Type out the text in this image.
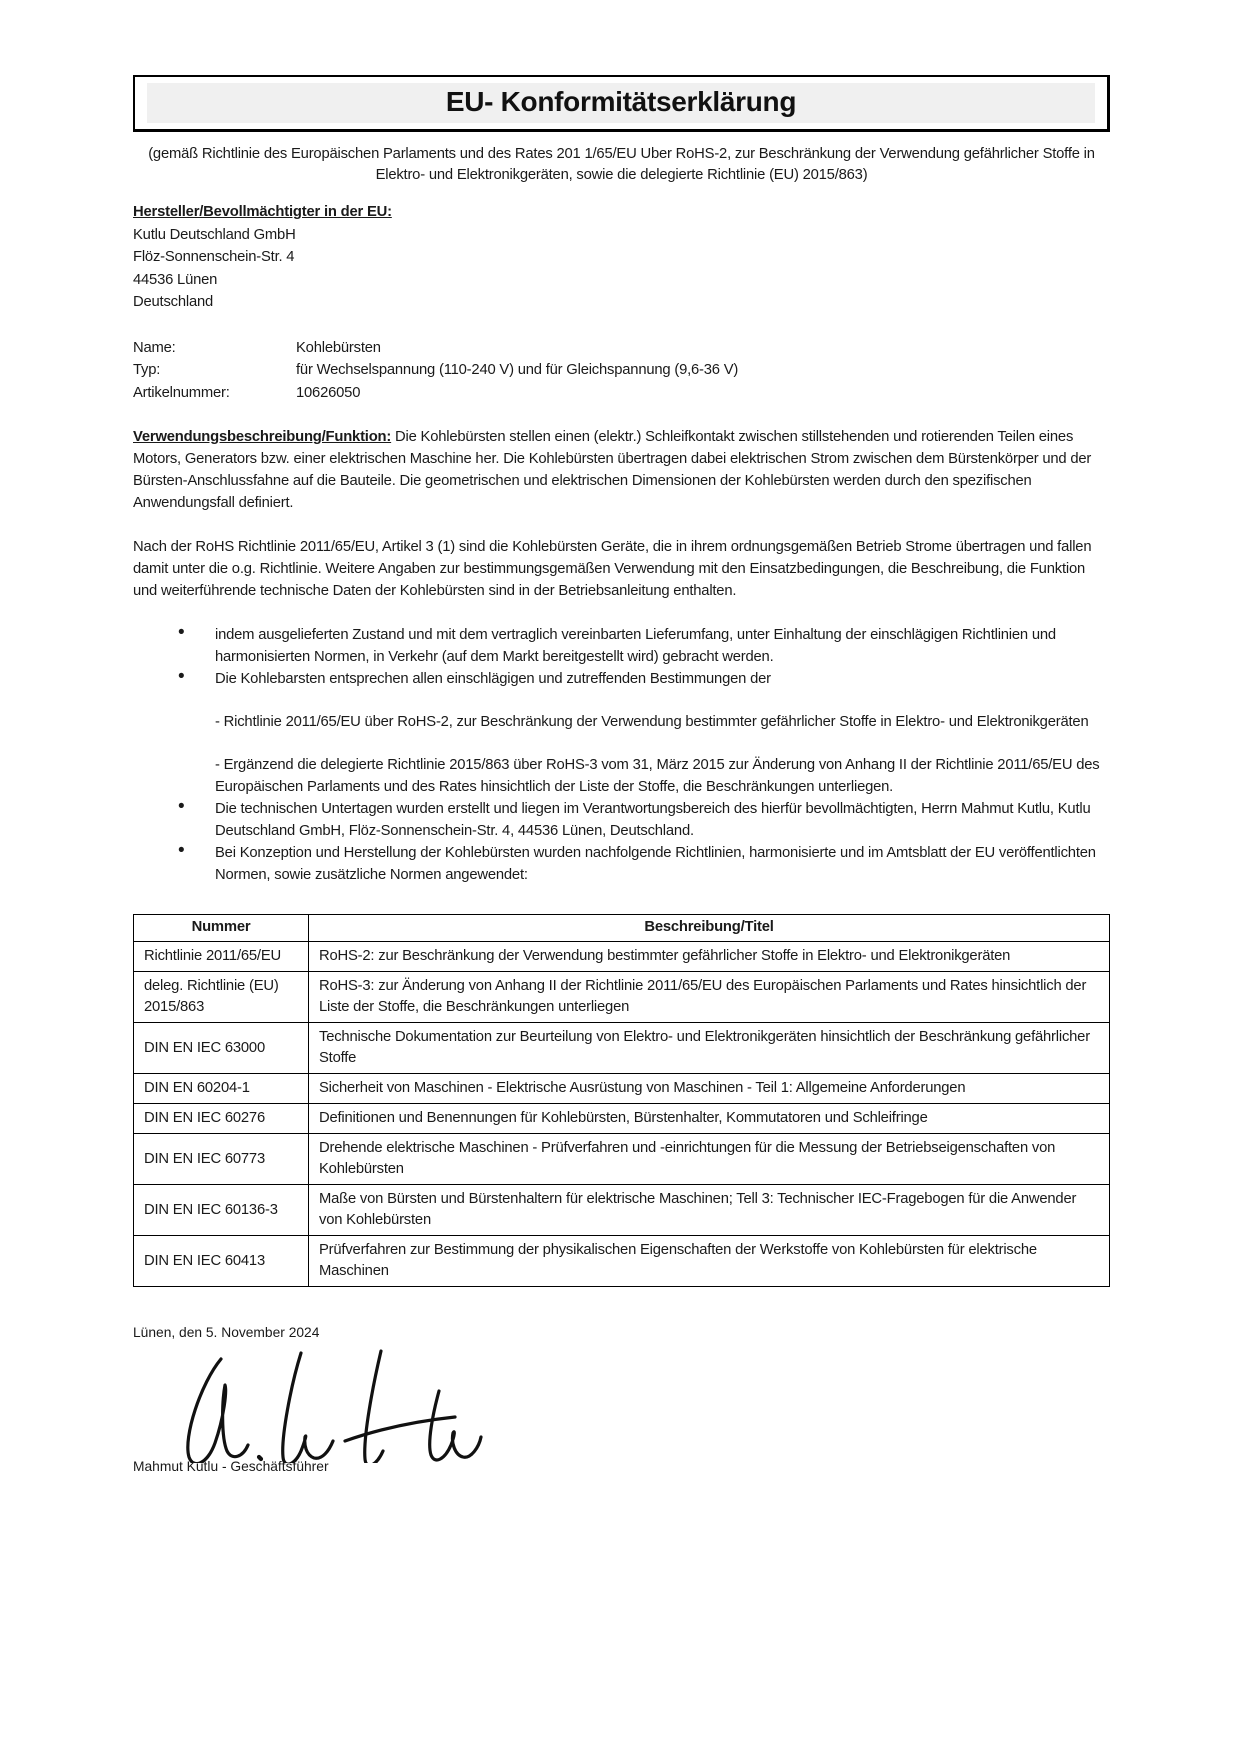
EU- Konformitätserklärung

(gemäß Richtlinie des Europäischen Parlaments und des Rates 201 1/65/EU Uber RoHS-2, zur Beschränkung der Verwendung gefährlicher Stoffe in Elektro- und Elektronikgeräten, sowie die delegierte Richtlinie (EU) 2015/863)

Hersteller/Bevollmächtigter in der EU:
Kutlu Deutschland GmbH
Flöz-Sonnenschein-Str. 4
44536 Lünen
Deutschland
Name:	Kohlebürsten
Typ:	für Wechselspannung (110-240 V) und für Gleichspannung (9,6-36 V)
Artikelnummer:	10626050

Verwendungsbeschreibung/Funktion: Die Kohlebürsten stellen einen (elektr.) Schleifkontakt zwischen stillstehenden und rotierenden Teilen eines Motors, Generators bzw. einer elektrischen Maschine her. Die Kohlebürsten übertragen dabei elektrischen Strom zwischen dem Bürstenkörper und der Bürsten-Anschlussfahne auf die Bauteile. Die geometrischen und elektrischen Dimensionen der Kohlebürsten werden durch den spezifischen Anwendungsfall definiert.

Nach der RoHS Richtlinie 2011/65/EU, Artikel 3 (1) sind die Kohlebürsten Geräte, die in ihrem ordnungsgemäßen Betrieb Strome übertragen und fallen damit unter die o.g. Richtlinie. Weitere Angaben zur bestimmungsgemäßen Verwendung mit den Einsatzbedingungen, die Beschreibung, die Funktion und weiterführende technische Daten der Kohlebürsten sind in der Betriebsanleitung enthalten.

• indem ausgelieferten Zustand und mit dem vertraglich vereinbarten Lieferumfang, unter Einhaltung der einschlägigen Richtlinien und harmonisierten Normen, in Verkehr (auf dem Markt bereitgestellt wird) gebracht werden.
• Die Kohlebarsten entsprechen allen einschlägigen und zutreffenden Bestimmungen der
- Richtlinie 2011/65/EU über RoHS-2, zur Beschränkung der Verwendung bestimmter gefährlicher Stoffe in Elektro- und Elektronikgeräten
- Ergänzend die delegierte Richtlinie 2015/863 über RoHS-3 vom 31, März 2015 zur Änderung von Anhang II der Richtlinie 2011/65/EU des Europäischen Parlaments und des Rates hinsichtlich der Liste der Stoffe, die Beschränkungen unterliegen.
• Die technischen Untertagen wurden erstellt und liegen im Verantwortungsbereich des hierfür bevollmächtigten, Herrn Mahmut Kutlu, Kutlu Deutschland GmbH, Flöz-Sonnenschein-Str. 4, 44536 Lünen, Deutschland.
• Bei Konzeption und Herstellung der Kohlebürsten wurden nachfolgende Richtlinien, harmonisierte und im Amtsblatt der EU veröffentlichten Normen, sowie zusätzliche Normen angewendet:
Nummer	Beschreibung/Titel
Richtlinie 2011/65/EU	RoHS-2: zur Beschränkung der Verwendung bestimmter gefährlicher Stoffe in Elektro- und Elektronikgeräten
deleg. Richtlinie (EU) 2015/863	RoHS-3: zur Änderung von Anhang II der Richtlinie 2011/65/EU des Europäischen Parlaments und Rates hinsichtlich der Liste der Stoffe, die Beschränkungen unterliegen
DIN EN IEC 63000	Technische Dokumentation zur Beurteilung von Elektro- und Elektronikgeräten hinsichtlich der Beschränkung gefährlicher Stoffe
DIN EN 60204-1	Sicherheit von Maschinen - Elektrische Ausrüstung von Maschinen - Teil 1: Allgemeine Anforderungen
DIN EN IEC 60276	Definitionen und Benennungen für Kohlebürsten, Bürstenhalter, Kommutatoren und Schleifringe
DIN EN IEC 60773	Drehende elektrische Maschinen - Prüfverfahren und -einrichtungen für die Messung der Betriebseigenschaften von Kohlebürsten
DIN EN IEC 60136-3	Maße von Bürsten und Bürstenhaltern für elektrische Maschinen; Tell 3: Technischer IEC-Fragebogen für die Anwender von Kohlebürsten
DIN EN IEC 60413	Prüfverfahren zur Bestimmung der physikalischen Eigenschaften der Werkstoffe von Kohlebürsten für elektrische Maschinen
Lünen, den 5. November 2024
Mahmut Kutlu - Geschäftsführer
